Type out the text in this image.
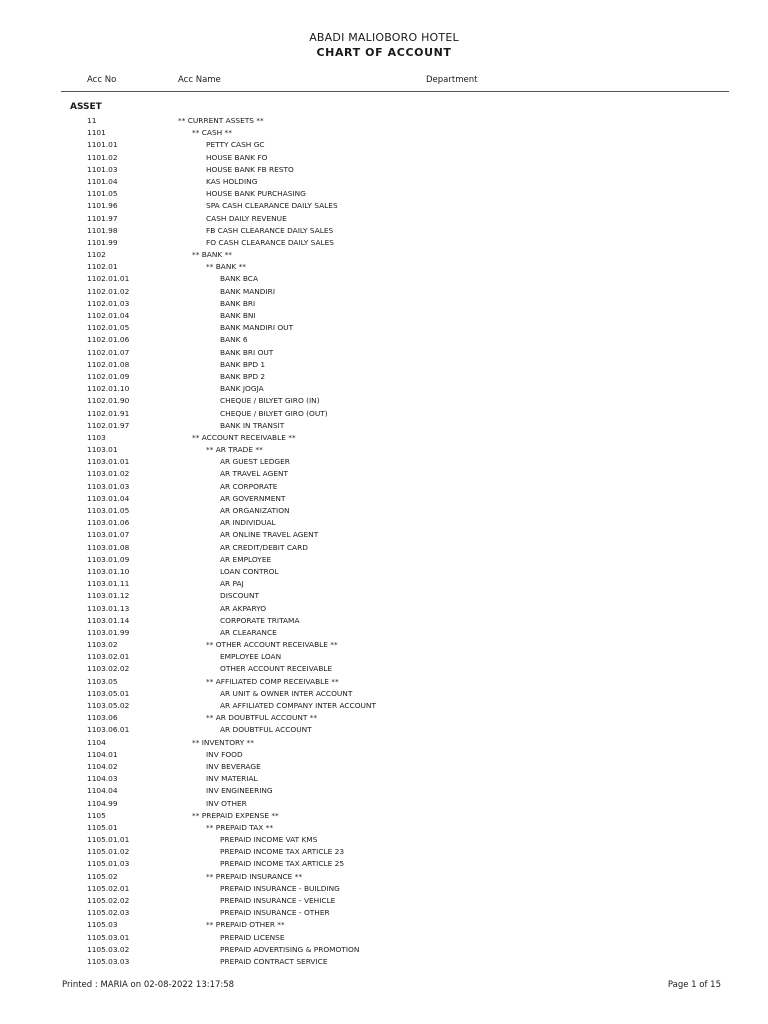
ABADI MALIOBORO HOTEL
CHART OF ACCOUNT
Acc No	Acc Name	Department
ASSET
11	** CURRENT ASSETS **
1101	** CASH **
1101.01	PETTY CASH GC
1101.02	HOUSE BANK FO
1101.03	HOUSE BANK FB RESTO
1101.04	KAS HOLDING
1101.05	HOUSE BANK PURCHASING
1101.96	SPA CASH CLEARANCE DAILY SALES
1101.97	CASH DAILY REVENUE
1101.98	FB CASH CLEARANCE DAILY SALES
1101.99	FO CASH CLEARANCE DAILY SALES
1102	** BANK **
1102.01	** BANK **
1102.01.01	BANK BCA
1102.01.02	BANK MANDIRI
1102.01.03	BANK BRI
1102.01.04	BANK BNI
1102.01.05	BANK MANDIRI OUT
1102.01.06	BANK 6
1102.01.07	BANK BRI OUT
1102.01.08	BANK BPD 1
1102.01.09	BANK BPD 2
1102.01.10	BANK JOGJA
1102.01.90	CHEQUE / BILYET GIRO (IN)
1102.01.91	CHEQUE / BILYET GIRO (OUT)
1102.01.97	BANK IN TRANSIT
1103	** ACCOUNT RECEIVABLE **
1103.01	** AR TRADE **
1103.01.01	AR GUEST LEDGER
1103.01.02	AR TRAVEL AGENT
1103.01.03	AR CORPORATE
1103.01.04	AR GOVERNMENT
1103.01.05	AR ORGANIZATION
1103.01.06	AR INDIVIDUAL
1103.01.07	AR ONLINE TRAVEL AGENT
1103.01.08	AR CREDIT/DEBIT CARD
1103.01.09	AR EMPLOYEE
1103.01.10	LOAN CONTROL
1103.01.11	AR PAJ
1103.01.12	DISCOUNT
1103.01.13	AR AKPARYO
1103.01.14	CORPORATE TRITAMA
1103.01.99	AR CLEARANCE
1103.02	** OTHER ACCOUNT RECEIVABLE **
1103.02.01	EMPLOYEE LOAN
1103.02.02	OTHER ACCOUNT RECEIVABLE
1103.05	** AFFILIATED COMP RECEIVABLE **
1103.05.01	AR UNIT & OWNER INTER ACCOUNT
1103.05.02	AR AFFILIATED COMPANY INTER ACCOUNT
1103.06	** AR DOUBTFUL ACCOUNT **
1103.06.01	AR DOUBTFUL ACCOUNT
1104	** INVENTORY **
1104.01	INV FOOD
1104.02	INV BEVERAGE
1104.03	INV MATERIAL
1104.04	INV ENGINEERING
1104.99	INV OTHER
1105	** PREPAID EXPENSE **
1105.01	** PREPAID TAX **
1105.01.01	PREPAID INCOME VAT KMS
1105.01.02	PREPAID INCOME TAX ARTICLE 23
1105.01.03	PREPAID INCOME TAX ARTICLE 25
1105.02	** PREPAID INSURANCE **
1105.02.01	PREPAID INSURANCE - BUILDING
1105.02.02	PREPAID INSURANCE - VEHICLE
1105.02.03	PREPAID INSURANCE - OTHER
1105.03	** PREPAID OTHER **
1105.03.01	PREPAID LICENSE
1105.03.02	PREPAID ADVERTISING & PROMOTION
1105.03.03	PREPAID CONTRACT SERVICE
Printed : MARIA on 02-08-2022 13:17:58	Page 1 of 15
